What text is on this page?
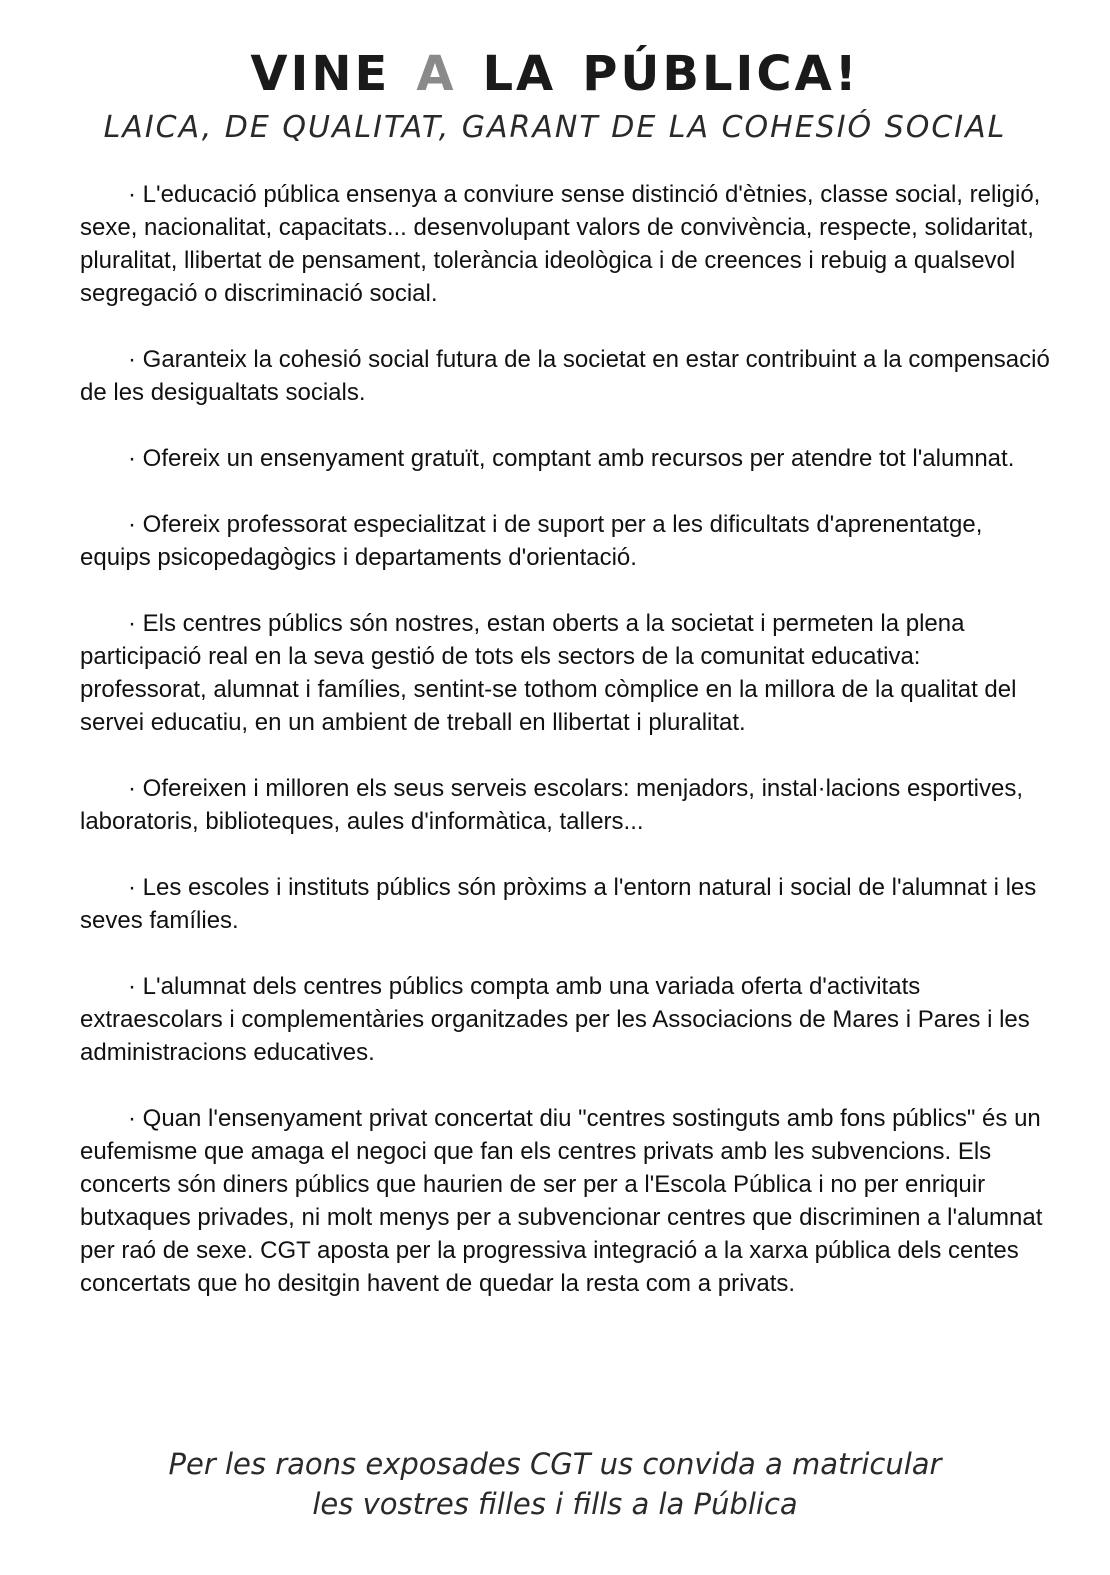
VINE A LA PÚBLICA!
LAICA, DE QUALITAT, GARANT DE LA COHESIÓ SOCIAL

· L'educació pública ensenya a conviure sense distinció d'ètnies, classe social, religió, sexe, nacionalitat, capacitats... desenvolupant valors de convivència, respecte, solidaritat, pluralitat, llibertat de pensament, tolerància ideològica i de creences i rebuig a qualsevol segregació o discriminació social.

· Garanteix la cohesió social futura de la societat en estar contribuint a la compensació de les desigualtats socials.

· Ofereix un ensenyament gratuït, comptant amb recursos per atendre tot l'alumnat.

· Ofereix professorat especialitzat i de suport per a les dificultats d'aprenentatge, equips psicopedagògics i departaments d'orientació.

· Els centres públics són nostres, estan oberts a la societat i permeten la plena participació real en la seva gestió de tots els sectors de la comunitat educativa: professorat, alumnat i famílies, sentint-se tothom còmplice en la millora de la qualitat del servei educatiu, en un ambient de treball en llibertat i pluralitat.

· Ofereixen i milloren els seus serveis escolars: menjadors, instal·lacions esportives, laboratoris, biblioteques, aules d'informàtica, tallers...

· Les escoles i instituts públics són pròxims a l'entorn natural i social de l'alumnat i les seves famílies.

· L'alumnat dels centres públics compta amb una variada oferta d'activitats extraescolars i complementàries organitzades per les Associacions de Mares i Pares i les administracions educatives.

· Quan l'ensenyament privat concertat diu "centres sostinguts amb fons públics" és un eufemisme que amaga el negoci que fan els centres privats amb les subvencions. Els concerts són diners públics que haurien de ser per a l'Escola Pública i no per enriquir butxaques privades, ni molt menys per a subvencionar centres que discriminen a l'alumnat per raó de sexe. CGT aposta per la progressiva integració a la xarxa pública dels centes concertats que ho desitgin havent de quedar la resta com a privats.

Per les raons exposades CGT us convida a matricular
les vostres filles i fills a la Pública
